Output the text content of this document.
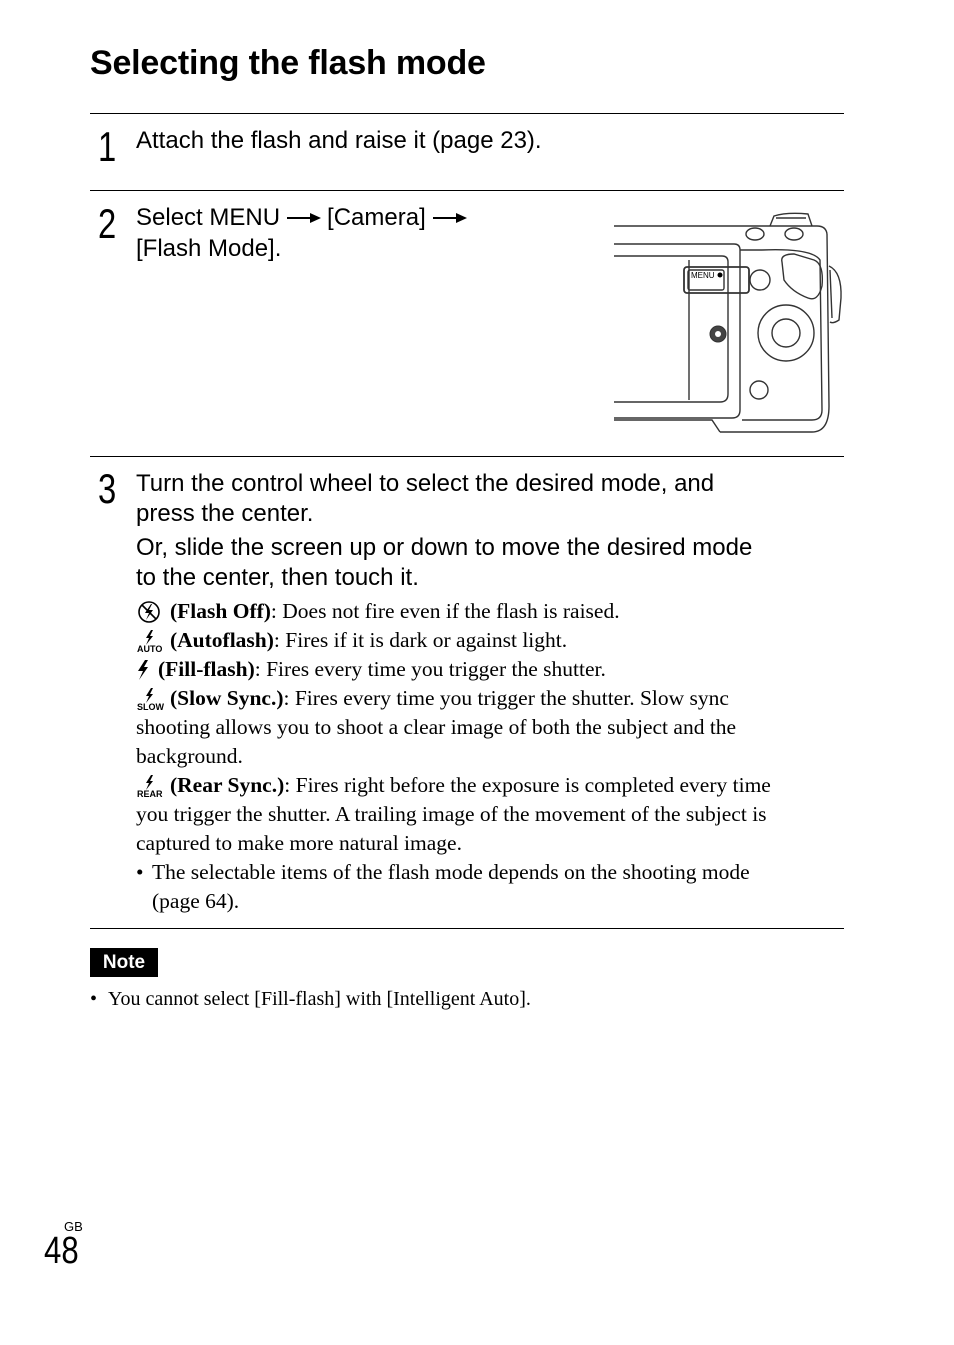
Selecting the flash mode
1 Attach the flash and raise it (page 23).
2 Select MENU [Camera]
[Flash Mode].
MENU
3 Turn the control wheel to select the desired mode, and
press the center.
Or, slide the screen up or down to move the desired mode
to the center, then touch it.
(Flash Off): Does not fire even if the flash is raised.
AUTO (Autoflash): Fires if it is dark or against light.
(Fill-flash): Fires every time you trigger the shutter.
SLOW (Slow Sync.): Fires every time you trigger the shutter. Slow sync
shooting allows you to shoot a clear image of both the subject and the
background.
REAR (Rear Sync.): Fires right before the exposure is completed every time
you trigger the shutter. A trailing image of the movement of the subject is
captured to make more natural image.
• The selectable items of the flash mode depends on the shooting mode
(page 64).
Note
• You cannot select [Fill-flash] with [Intelligent Auto].
GB
48
